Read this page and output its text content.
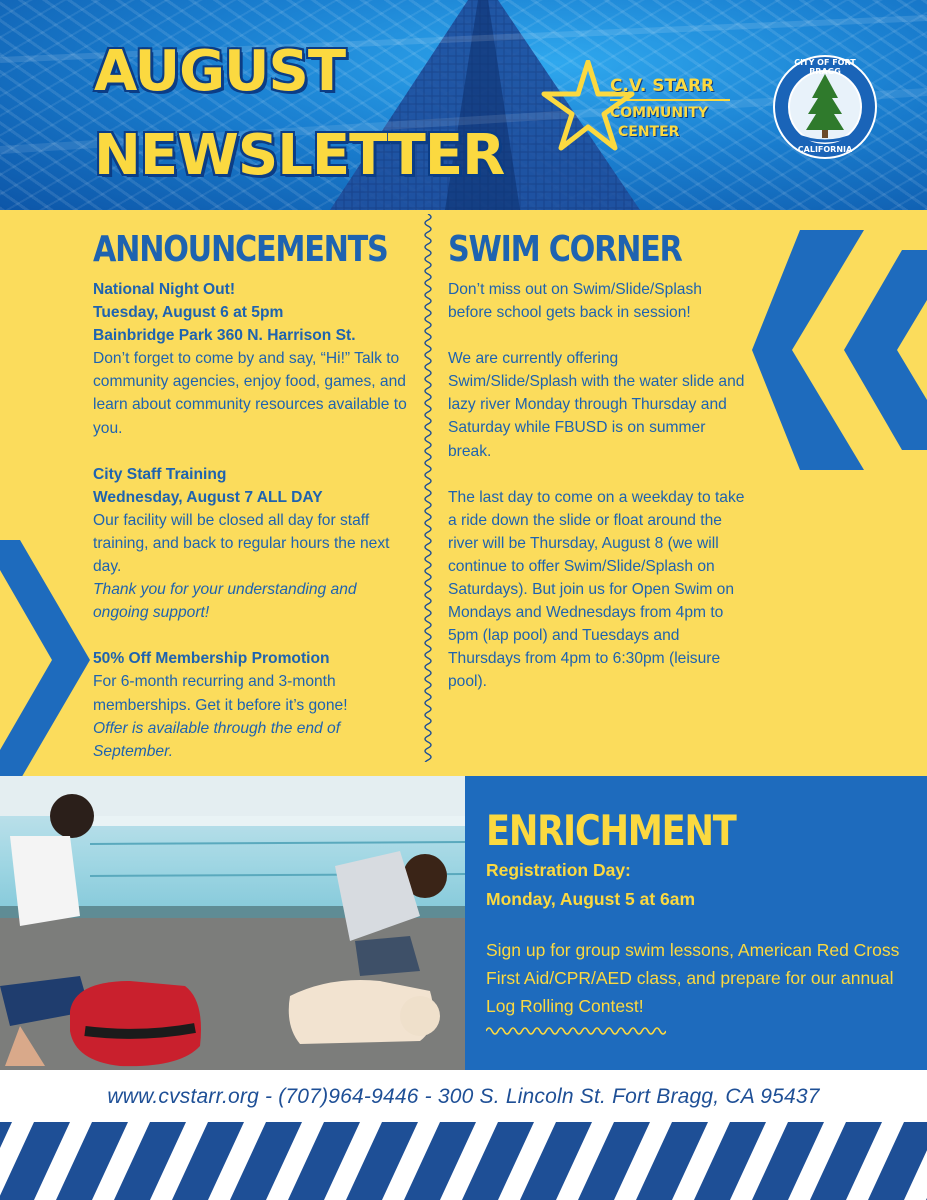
AUGUST
NEWSLETTER
C.V. STARR
COMMUNITY
CENTER
CITY OF FORT BRAGG
CALIFORNIA
ANNOUNCEMENTS
National Night Out!
Tuesday, August 6 at 5pm
Bainbridge Park 360 N. Harrison St.
Don’t forget to come by and say, “Hi!” Talk to community agencies, enjoy food, games, and learn about community resources available to you.
City Staff Training
Wednesday, August 7 ALL DAY
Our facility will be closed all day for staff training, and back to regular hours the next day.
Thank you for your understanding and ongoing support!
50% Off Membership Promotion
For 6-month recurring and 3-month memberships. Get it before it’s gone!
Offer is available through the end of September.
SWIM CORNER
Don’t miss out on Swim/Slide/Splash before school gets back in session!
We are currently offering Swim/Slide/Splash with the water slide and lazy river Monday through Thursday and Saturday while FBUSD is on summer break.
The last day to come on a weekday to take a ride down the slide or float around the river will be Thursday, August 8 (we will continue to offer Swim/Slide/Splash on Saturdays). But join us for Open Swim on Mondays and Wednesdays from 4pm to 5pm (lap pool) and Tuesdays and Thursdays from 4pm to 6:30pm (leisure pool).
ENRICHMENT
Registration Day:
Monday, August 5 at 6am
Sign up for group swim lessons, American Red Cross First Aid/CPR/AED class, and prepare for our annual Log Rolling Contest!
www.cvstarr.org - (707)964-9446 - 300 S. Lincoln St. Fort Bragg, CA 95437
